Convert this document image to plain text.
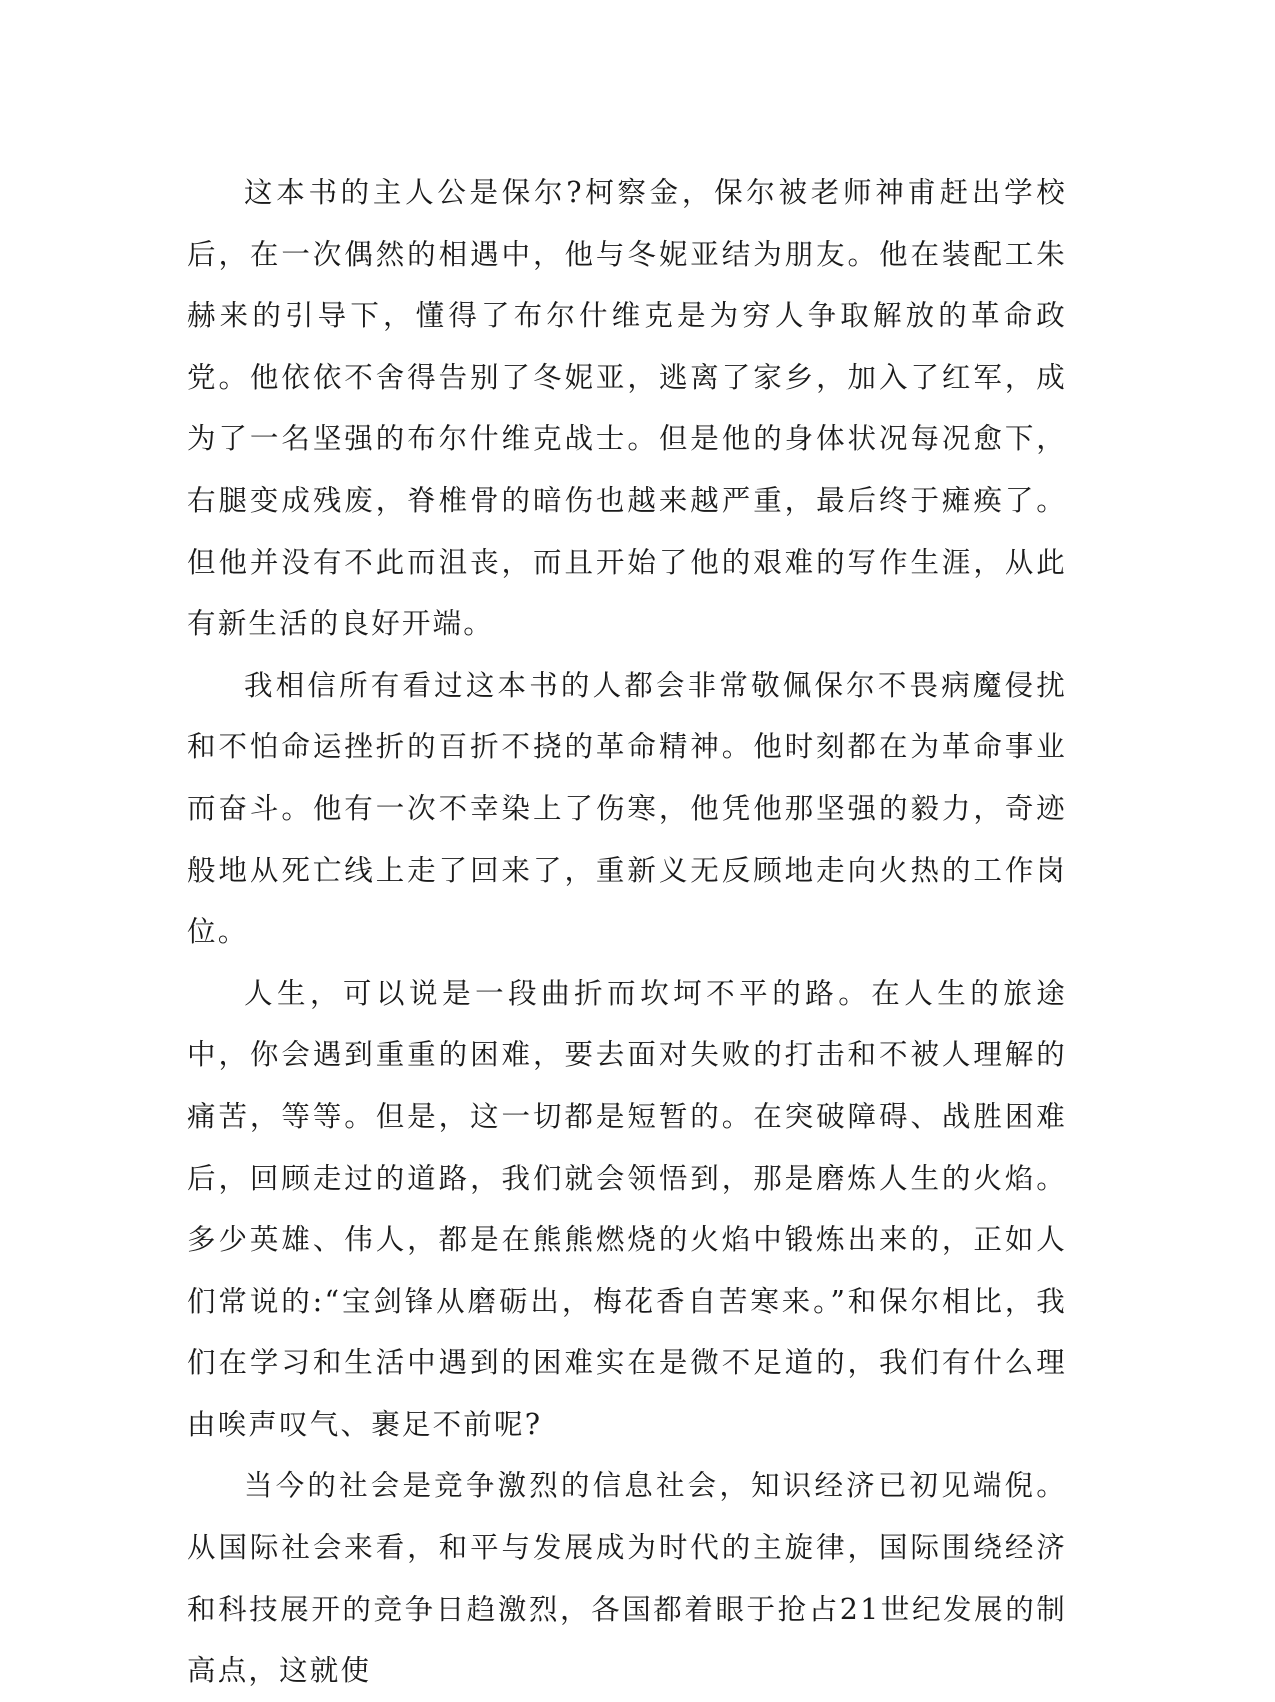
这本书的主人公是保尔?柯察金，保尔被老师神甫赶出学校后，在一次偶然的相遇中，他与冬妮亚结为朋友。他在装配工朱赫来的引导下，懂得了布尔什维克是为穷人争取解放的革命政党。他依依不舍得告别了冬妮亚，逃离了家乡，加入了红军，成为了一名坚强的布尔什维克战士。但是他的身体状况每况愈下，右腿变成残废，脊椎骨的暗伤也越来越严重，最后终于瘫痪了。但他并没有不此而沮丧，而且开始了他的艰难的写作生涯，从此有新生活的良好开端。

我相信所有看过这本书的人都会非常敬佩保尔不畏病魔侵扰和不怕命运挫折的百折不挠的革命精神。他时刻都在为革命事业而奋斗。他有一次不幸染上了伤寒，他凭他那坚强的毅力，奇迹般地从死亡线上走了回来了，重新义无反顾地走向火热的工作岗位。

人生，可以说是一段曲折而坎坷不平的路。在人生的旅途中，你会遇到重重的困难，要去面对失败的打击和不被人理解的痛苦，等等。但是，这一切都是短暂的。在突破障碍、战胜困难后，回顾走过的道路，我们就会领悟到，那是磨炼人生的火焰。多少英雄、伟人，都是在熊熊燃烧的火焰中锻炼出来的，正如人们常说的:“宝剑锋从磨砺出，梅花香自苦寒来。”和保尔相比，我们在学习和生活中遇到的困难实在是微不足道的，我们有什么理由唉声叹气、裹足不前呢?

当今的社会是竞争激烈的信息社会，知识经济已初见端倪。从国际社会来看，和平与发展成为时代的主旋律，国际围绕经济和科技展开的竞争日趋激烈，各国都着眼于抢占21世纪发展的制高点，这就使
